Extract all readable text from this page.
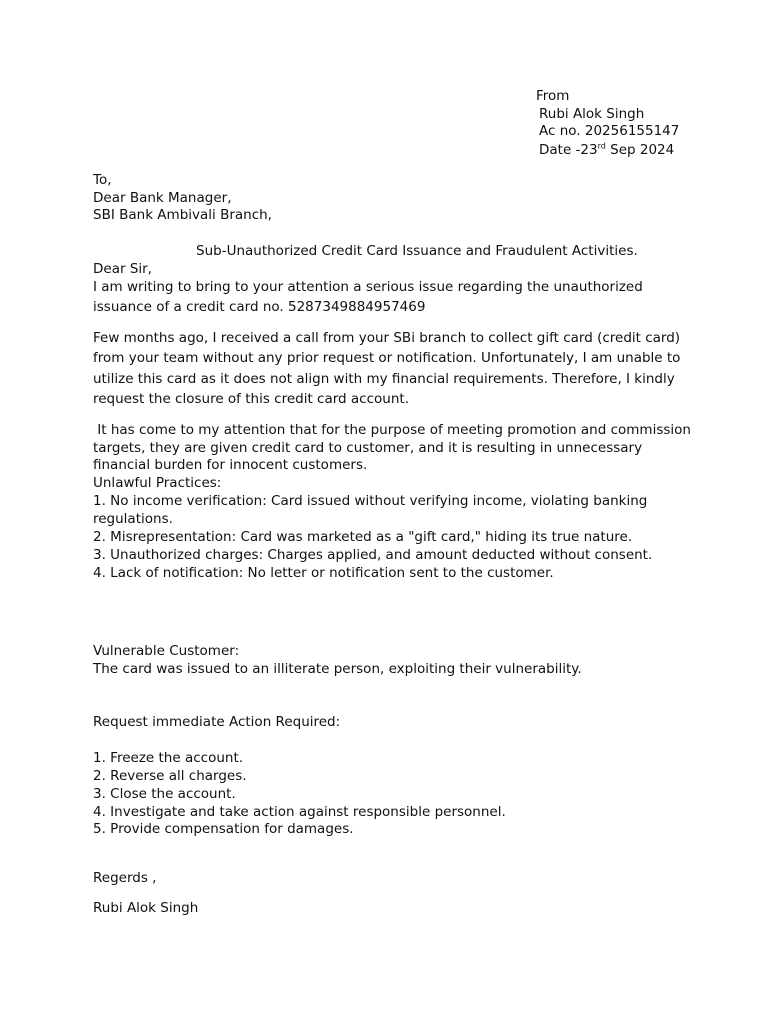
From
Rubi Alok Singh
Ac no. 20256155147
Date -23rd Sep 2024
To,
Dear Bank Manager,
SBI Bank Ambivali Branch,
Sub-Unauthorized Credit Card Issuance and Fraudulent Activities.
Dear Sir,
I am writing to bring to your attention a serious issue regarding the unauthorized
issuance of a credit card no. 5287349884957469
Few months ago, I received a call from your SBi branch to collect gift card (credit card)
from your team without any prior request or notification. Unfortunately, I am unable to
utilize this card as it does not align with my financial requirements. Therefore, I kindly
request the closure of this credit card account.
It has come to my attention that for the purpose of meeting promotion and commission
targets, they are given credit card to customer, and it is resulting in unnecessary
financial burden for innocent customers.
Unlawful Practices:
1. No income verification: Card issued without verifying income, violating banking
regulations.
2. Misrepresentation: Card was marketed as a "gift card," hiding its true nature.
3. Unauthorized charges: Charges applied, and amount deducted without consent.
4. Lack of notification: No letter or notification sent to the customer.
Vulnerable Customer:
The card was issued to an illiterate person, exploiting their vulnerability.
Request immediate Action Required:
1. Freeze the account.
2. Reverse all charges.
3. Close the account.
4. Investigate and take action against responsible personnel.
5. Provide compensation for damages.
Regerds ,
Rubi Alok Singh
